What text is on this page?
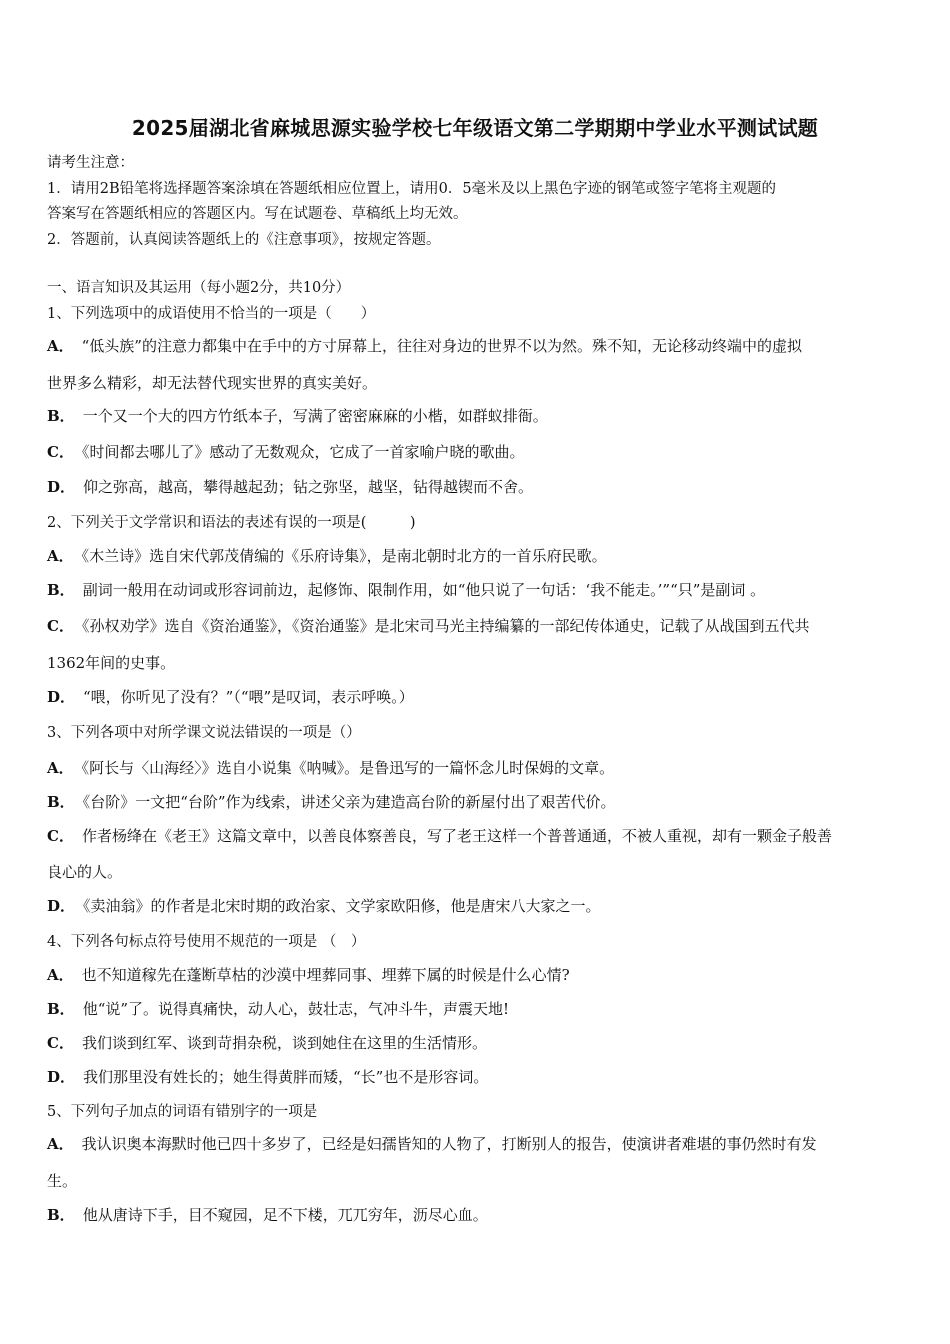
2025届湖北省麻城思源实验学校七年级语文第二学期期中学业水平测试试题
请考生注意：
1．请用2B铅笔将选择题答案涂填在答题纸相应位置上，请用0．5毫米及以上黑色字迹的钢笔或签字笔将主观题的
答案写在答题纸相应的答题区内。写在试题卷、草稿纸上均无效。
2．答题前，认真阅读答题纸上的《注意事项》，按规定答题。
一、语言知识及其运用（每小题2分，共10分）
1、下列选项中的成语使用不恰当的一项是（　　）
A． “低头族”的注意力都集中在手中的方寸屏幕上，往往对身边的世界不以为然。殊不知，无论移动终端中的虚拟
世界多么精彩，却无法替代现实世界的真实美好。
B． 一个又一个大的四方竹纸本子，写满了密密麻麻的小楷，如群蚁排衙。
C． 《时间都去哪儿了》感动了无数观众，它成了一首家喻户晓的歌曲。
D． 仰之弥高，越高，攀得越起劲；钻之弥坚，越坚，钻得越锲而不舍。
2、下列关于文学常识和语法的表述有误的一项是(　　　)
A． 《木兰诗》选自宋代郭茂倩编的《乐府诗集》，是南北朝时北方的一首乐府民歌。
B． 副词一般用在动词或形容词前边，起修饰、限制作用，如“他只说了一句话：‘我不能走。’”“只”是副词 。
C． 《孙权劝学》选自《资治通鉴》，《资治通鉴》是北宋司马光主持编纂的一部纪传体通史，记载了从战国到五代共
1362年间的史事。
D． “喂，你听见了没有？”（“喂”是叹词，表示呼唤。）
3、下列各项中对所学课文说法错误的一项是（）
A． 《阿长与〈山海经〉》选自小说集《呐喊》。是鲁迅写的一篇怀念儿时保姆的文章。
B． 《台阶》一文把“台阶”作为线索，讲述父亲为建造高台阶的新屋付出了艰苦代价。
C． 作者杨绛在《老王》这篇文章中，以善良体察善良，写了老王这样一个普普通通，不被人重视，却有一颗金子般善
良心的人。
D． 《卖油翁》的作者是北宋时期的政治家、文学家欧阳修，他是唐宋八大家之一。
4、下列各句标点符号使用不规范的一项是 （　）
A． 也不知道稼先在蓬断草枯的沙漠中埋葬同事、埋葬下属的时候是什么心情?
B． 他“说”了。说得真痛快，动人心，鼓壮志，气冲斗牛，声震天地!
C． 我们谈到红军、谈到苛捐杂税，谈到她住在这里的生活情形。
D． 我们那里没有姓长的；她生得黄胖而矮，“长”也不是形容词。
5、下列句子加点的词语有错别字的一项是
A． 我认识奥本海默时他已四十多岁了，已经是妇孺皆知的人物了，打断别人的报告，使演讲者难堪的事仍然时有发
生。
B． 他从唐诗下手，目不窥园，足不下楼，兀兀穷年，沥尽心血。
